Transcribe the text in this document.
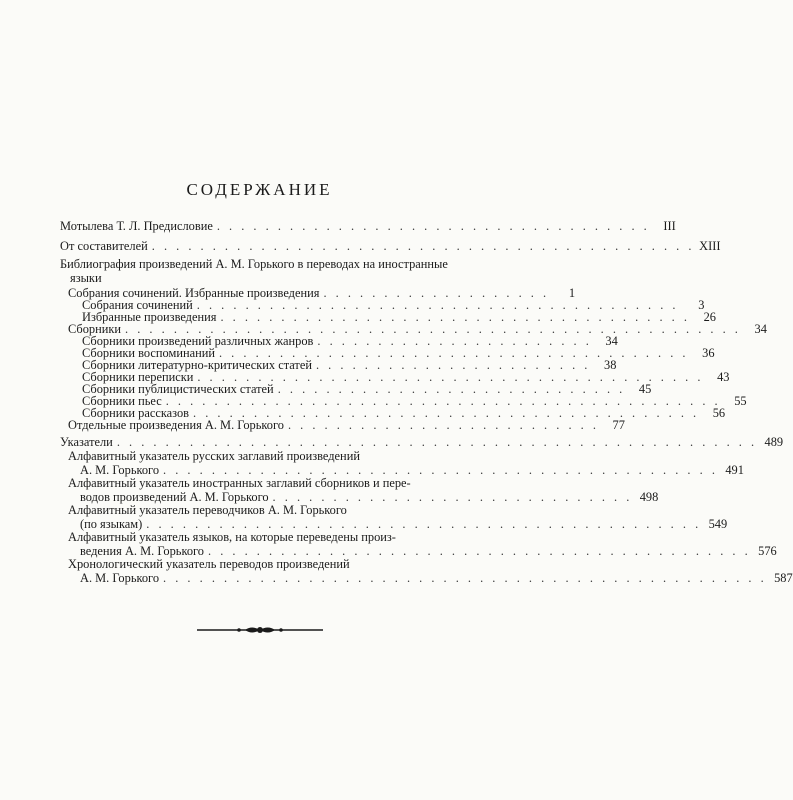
СОДЕРЖАНИЕ
Мотылева Т. Л. Предисловие . . . . . . . . . . . . . . . . . . . . . . . . . . . . . . . . . . . .	III
От составителей . . . . . . . . . . . . . . . . . . . . . . . . . . . . . . . . . . . . . . . . . . . . . XIII
Библиография произведений А. М. Горького в переводах на иностранные
языки
Собрания сочинений. Избранные произведения . . . . . . . . . . . . . . . . . . .	1
Собрания сочинений . . . . . . . . . . . . . . . . . . . . . . . . . . . . . . . . . . . . . . . .	3
Избранные произведения . . . . . . . . . . . . . . . . . . . . . . . . . . . . . . . . . . . . . . .	26
Сборники . . . . . . . . . . . . . . . . . . . . . . . . . . . . . . . . . . . . . . . . . . . . . . . . . . .	34
Сборники произведений различных жанров . . . . . . . . . . . . . . . . . . . . . . .	34
Сборники воспоминаний . . . . . . . . . . . . . . . . . . . . . . . . . . . . . . . . . . . . . . .	36
Сборники литературно-критических статей . . . . . . . . . . . . . . . . . . . . . . .	38
Сборники переписки . . . . . . . . . . . . . . . . . . . . . . . . . . . . . . . . . . . . . . . . . .	43
Сборники публицистических статей . . . . . . . . . . . . . . . . . . . . . . . . . . . . .	45
Сборники пьес . . . . . . . . . . . . . . . . . . . . . . . . . . . . . . . . . . . . . . . . . . . . . .	55
Сборники рассказов . . . . . . . . . . . . . . . . . . . . . . . . . . . . . . . . . . . . . . . . . .	56
Отдельные произведения А. М. Горького . . . . . . . . . . . . . . . . . . . . . . . . . .	77
Указатели . . . . . . . . . . . . . . . . . . . . . . . . . . . . . . . . . . . . . . . . . . . . . . . . . . . . . 489
Алфавитный указатель русских заглавий произведений
А. М. Горького . . . . . . . . . . . . . . . . . . . . . . . . . . . . . . . . . . . . . . . . . . . . . . 491
Алфавитный указатель иностранных заглавий сборников и пере-
водов произведений А. М. Горького . . . . . . . . . . . . . . . . . . . . . . . . . . . . . . 498
Алфавитный указатель переводчиков А. М. Горького
(по языкам) . . . . . . . . . . . . . . . . . . . . . . . . . . . . . . . . . . . . . . . . . . . . . . 549
Алфавитный указатель языков, на которые переведены произ-
ведения А. М. Горького . . . . . . . . . . . . . . . . . . . . . . . . . . . . . . . . . . . . . . . . . . . . . 576
Хронологический указатель переводов произведений
А. М. Горького . . . . . . . . . . . . . . . . . . . . . . . . . . . . . . . . . . . . . . . . . . . . . . . . . . 587
